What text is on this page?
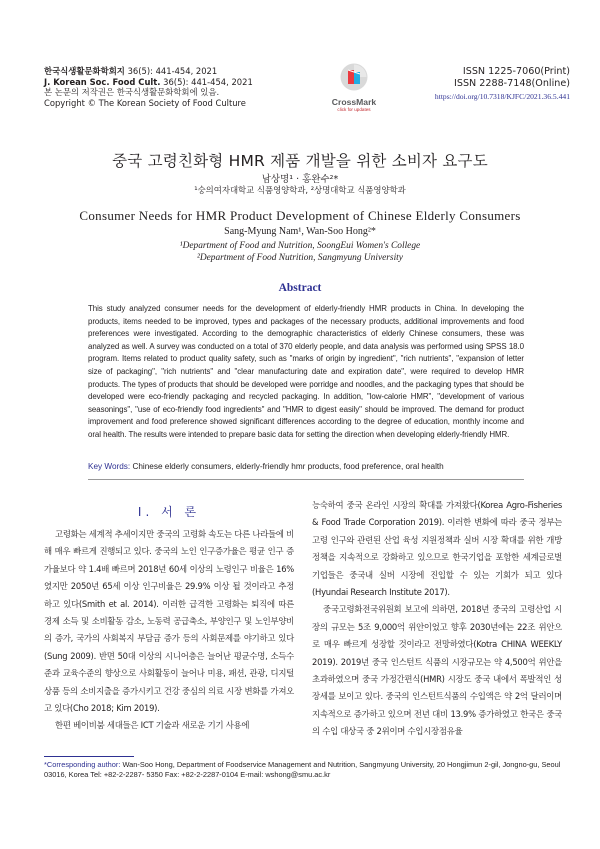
한국식생활문화학회지 36(5): 441-454, 2021
J. Korean Soc. Food Cult. 36(5): 441-454, 2021
본 논문의 저작권은 한국식생활문화학회에 있음.
Copyright © The Korean Society of Food Culture	CrossMark
click for updates
ISSN 1225-7060(Print)
ISSN 2288-7148(Online)
https://doi.org/10.7318/KJFC/2021.36.5.441
중국 고령친화형 HMR 제품 개발을 위한 소비자 요구도
남상명¹ · 홍완수²*
¹숭의여자대학교 식품영양학과, ²상명대학교 식품영양학과
Consumer Needs for HMR Product Development of Chinese Elderly Consumers
Sang-Myung Nam¹, Wan-Soo Hong²*
¹Department of Food and Nutrition, SoongEui Women's College
²Department of Food Nutrition, Sangmyung University
Abstract
This study analyzed consumer needs for the development of elderly-friendly HMR products in China. In developing the products, items needed to be improved, types and packages of the necessary products, additional improvements and food preferences were investigated. According to the demographic characteristics of elderly Chinese consumers, these was analyzed as well. A survey was conducted on a total of 370 elderly people, and data analysis was performed using SPSS 18.0 program. Items related to product quality safety, such as "marks of origin by ingredient", "rich nutrients", "expansion of letter size of packaging", "rich nutrients" and "clear manufacturing date and expiration date", were required to develop HMR products. The types of products that should be developed were porridge and noodles, and the packaging types that should be developed were eco-friendly packaging and recycled packaging. In addition, "low-calorie HMR", "development of various seasonings", "use of eco-friendly food ingredients" and "HMR to digest easily" should be improved. The demand for product improvement and food preference showed significant differences according to the degree of education, monthly income and oral health. The results were intended to prepare basic data for setting the direction when developing elderly-friendly HMR.
Key Words: Chinese elderly consumers, elderly-friendly hmr products, food preference, oral health
I. 서 론

고령화는 세계적 추세이지만 중국의 고령화 속도는 다른 나라들에 비해 매우 빠르게 진행되고 있다. 중국의 노인 인구증가율은 평균 인구 증가율보다 약 1.4배 빠르며 2018년 60세 이상의 노령인구 비율은 16%였지만 2050년 65세 이상 인구비율은 29.9% 이상 될 것이라고 추정하고 있다(Smith et al. 2014). 이러한 급격한 고령화는 퇴직에 따른 경제 소득 및 소비활동 감소, 노동력 공급축소, 부양인구 및 노인부양비의 증가, 국가의 사회복지 부담금 증가 등의 사회문제를 야기하고 있다(Sung 2009). 반면 50대 이상의 시니어층은 늘어난 평균수명, 소득수준과 교육수준의 향상으로 사회활동이 늘어나 미용, 패션, 관광, 디지털상품 등의 소비지출을 증가시키고 건강 중심의 의료 시장 변화를 가져오고 있다(Cho 2018; Kim 2019).

한편 베이비붐 세대들은 ICT 기술과 새로운 기기 사용에

능숙하여 중국 온라인 시장의 확대를 가져왔다(Korea Agro-Fisheries & Food Trade Corporation 2019). 이러한 변화에 따라 중국 정부는 고령 인구와 관련된 산업 육성 지원정책과 실버 시장 확대를 위한 개방 정책을 지속적으로 강화하고 있으므로 한국기업을 포함한 세계글로벌 기업들은 중국내 실버 시장에 진입할 수 있는 기회가 되고 있다(Hyundai Research Institute 2017).

중국고령화전국위원회 보고에 의하면, 2018년 중국의 고령산업 시장의 규모는 5조 9,000억 위안이었고 향후 2030년에는 22조 위안으로 매우 빠르게 성장할 것이라고 전망하였다(Kotra CHINA WEEKLY 2019). 2019년 중국 인스턴트 식품의 시장규모는 약 4,500억 위안을 초과하였으며 중국 가정간편식(HMR) 시장도 중국 내에서 폭발적인 성장세를 보이고 있다. 중국의 인스턴트식품의 수입액은 약 2억 달러이며 지속적으로 증가하고 있으며 전년 대비 13.9% 증가하였고 한국은 중국의 수입 대상국 중 2위이며 수입시장점유율

*Corresponding author: Wan-Soo Hong, Department of Foodservice Management and Nutrition, Sangmyung University, 20 Hongjimun 2-gil, Jongno-gu, Seoul 03016, Korea Tel: +82-2-2287- 5350 Fax: +82-2-2287-0104 E-mail: wshong@smu.ac.kr
